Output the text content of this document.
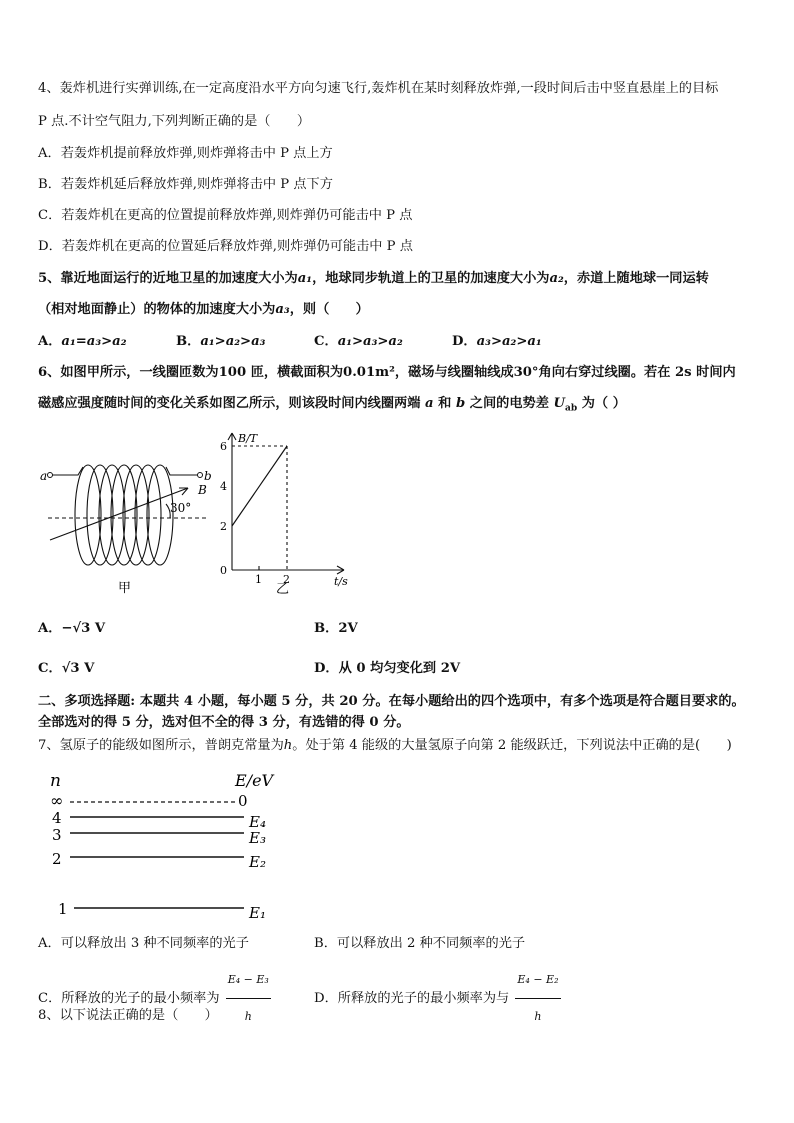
4、轰炸机进行实弹训练,在一定高度沿水平方向匀速飞行,轰炸机在某时刻释放炸弹,一段时间后击中竖直悬崖上的目标
P 点.不计空气阻力,下列判断正确的是（　　）
A．若轰炸机提前释放炸弹,则炸弹将击中 P 点上方
B．若轰炸机延后释放炸弹,则炸弹将击中 P 点下方
C．若轰炸机在更高的位置提前释放炸弹,则炸弹仍可能击中 P 点
D．若轰炸机在更高的位置延后释放炸弹,则炸弹仍可能击中 P 点
5、靠近地面运行的近地卫星的加速度大小为a₁，地球同步轨道上的卫星的加速度大小为a₂，赤道上随地球一同运转
（相对地面静止）的物体的加速度大小为a₃，则（　　）
A．a₁=a₃>a₂	B．a₁>a₂>a₃	C．a₁>a₃>a₂	D．a₃>a₂>a₁
6、如图甲所示，一线圈匝数为100 匝，横截面积为0.01m²，磁场与线圈轴线成30°角向右穿过线圈。若在 2s 时间内
磁感应强度随时间的变化关系如图乙所示，则该段时间内线圈两端 a 和 b 之间的电势差 $U_{ab}$ 为（ ）
a	b
B
30°
甲
B/T
t/s
2
4
6
1 2
0
乙
A．−√3 V	B．2V
C．√3 V	D．从 0 均匀变化到 2V
二、多项选择题: 本题共 4 小题，每小题 5 分，共 20 分。在每小题给出的四个选项中，有多个选项是符合题目要求的。
全部选对的得 5 分，选对但不全的得 3 分，有选错的得 0 分。
7、氢原子的能级如图所示，普朗克常量为h。处于第 4 能级的大量氢原子向第 2 能级跃迁，下列说法中正确的是(　　)
n	E/eV
∞	0
4	E₄
3	E₃
2	E₂
1	E₁
A．可以释放出 3 种不同频率的光子	B．可以释放出 2 种不同频率的光子
C．所释放的光子的最小频率为 $\frac{\text{E₄ − E₃}}{h}$	D．所释放的光子的最小频率为与 $\frac{\text{E₄ − E₂}}{h}$
8、以下说法正确的是（　　）
